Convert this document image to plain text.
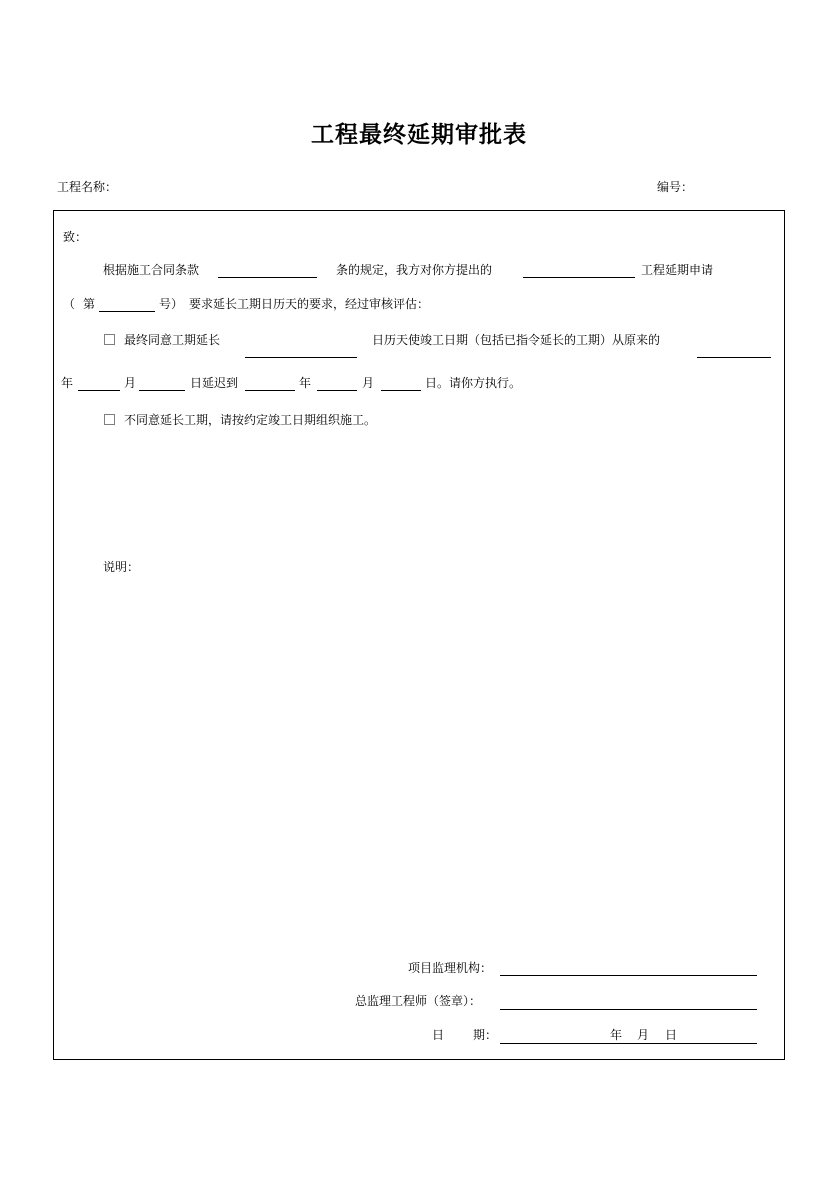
工程最终延期审批表
工程名称：	编号：
致：
根据施工合同条款	条的规定，我方对你方提出的	工程延期申请
（ 第	号） 要求延长工期日历天的要求，经过审核评估：
最终同意工期延长	日历天使竣工日期（包括已指令延长的工期）从原来的
年	月	日延迟到	年	月	日。请你方执行。
不同意延长工期，请按约定竣工日期组织施工。
说明：
项目监理机构：
总监理工程师（签章）：
日 期：	年 月 日
